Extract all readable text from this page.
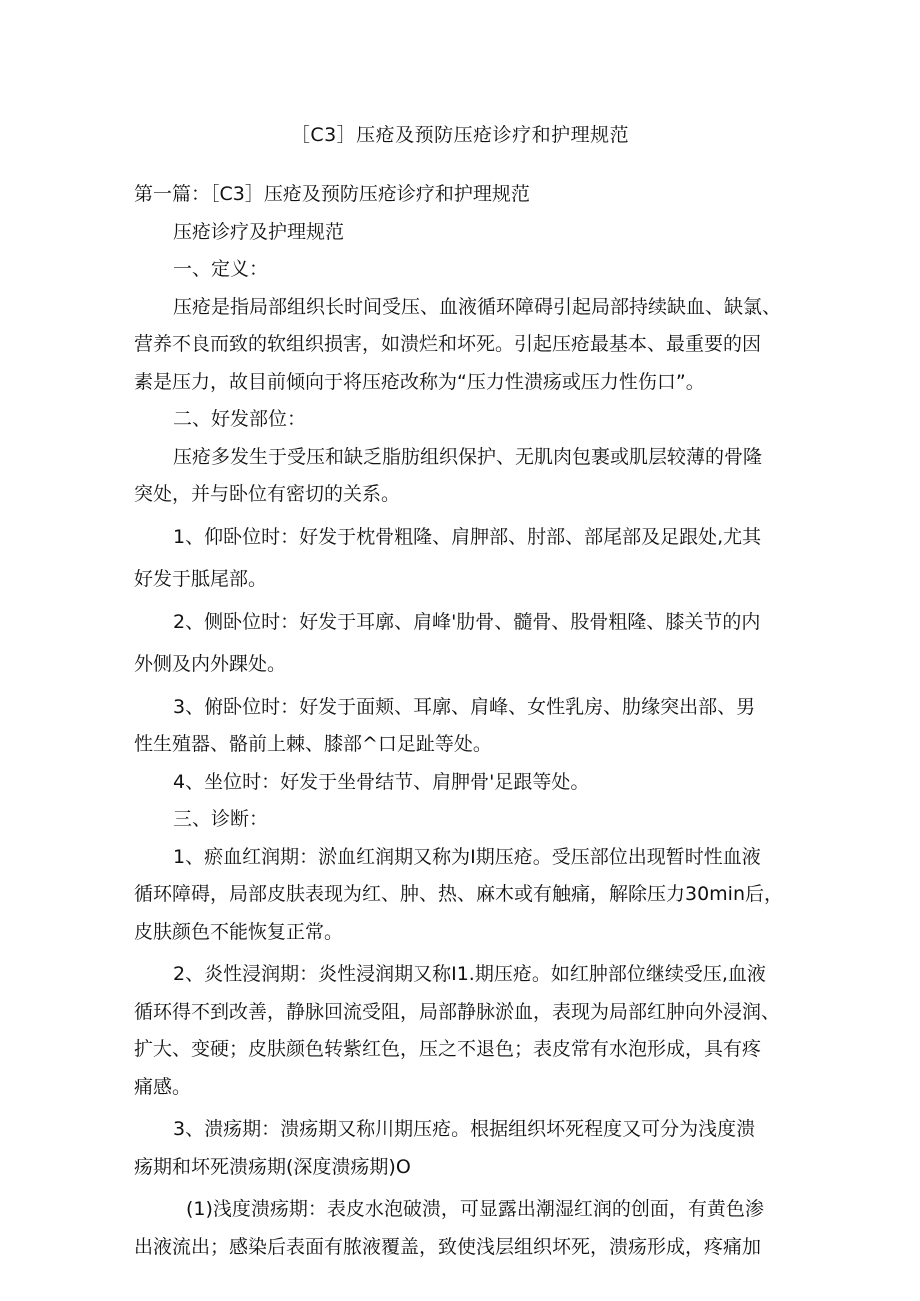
［C3］压疮及预防压疮诊疗和护理规范

第一篇：［C3］压疮及预防压疮诊疗和护理规范

压疮诊疗及护理规范

一、定义：

压疮是指局部组织长时间受压、血液循环障碍引起局部持续缺血、缺氯、

营养不良而致的软组织损害，如溃烂和坏死。引起压疮最基本、最重要的因

素是压力，故目前倾向于将压疮改称为“压力性溃疡或压力性伤口”。

二、好发部位：

压疮多发生于受压和缺乏脂肪组织保护、无肌肉包裹或肌层较薄的骨隆

突处，并与卧位有密切的关系。

1、仰卧位时：好发于枕骨粗隆、肩胛部、肘部、部尾部及足跟处,尤其

好发于胝尾部。

2、侧卧位时：好发于耳廓、肩峰'肋骨、髓骨、股骨粗隆、膝关节的内

外侧及内外踝处。

3、俯卧位时：好发于面颊、耳廓、肩峰、女性乳房、肋缘突出部、男

性生殖器、骼前上棘、膝部^口足趾等处。

4、坐位时：好发于坐骨结节、肩胛骨'足跟等处。

三、诊断：

1、瘀血红润期：淤血红润期又称为I期压疮。受压部位出现暂时性血液

循环障碍，局部皮肤表现为红、肿、热、麻木或有触痛，解除压力30min后，

皮肤颜色不能恢复正常。

2、炎性浸润期：炎性浸润期又称I1.期压疮。如红肿部位继续受压,血液

循环得不到改善，静脉回流受阻，局部静脉淤血，表现为局部红肿向外浸润、

扩大、变硬；皮肤颜色转紫红色，压之不退色；表皮常有水泡形成，具有疼

痛感。

3、溃疡期：溃疡期又称川期压疮。根据组织坏死程度又可分为浅度溃

疡期和坏死溃疡期(深度溃疡期)O

(1)浅度溃疡期：表皮水泡破溃，可显露出潮湿红润的创面，有黄色渗

出液流出；感染后表面有脓液覆盖，致使浅层组织坏死，溃疡形成，疼痛加
